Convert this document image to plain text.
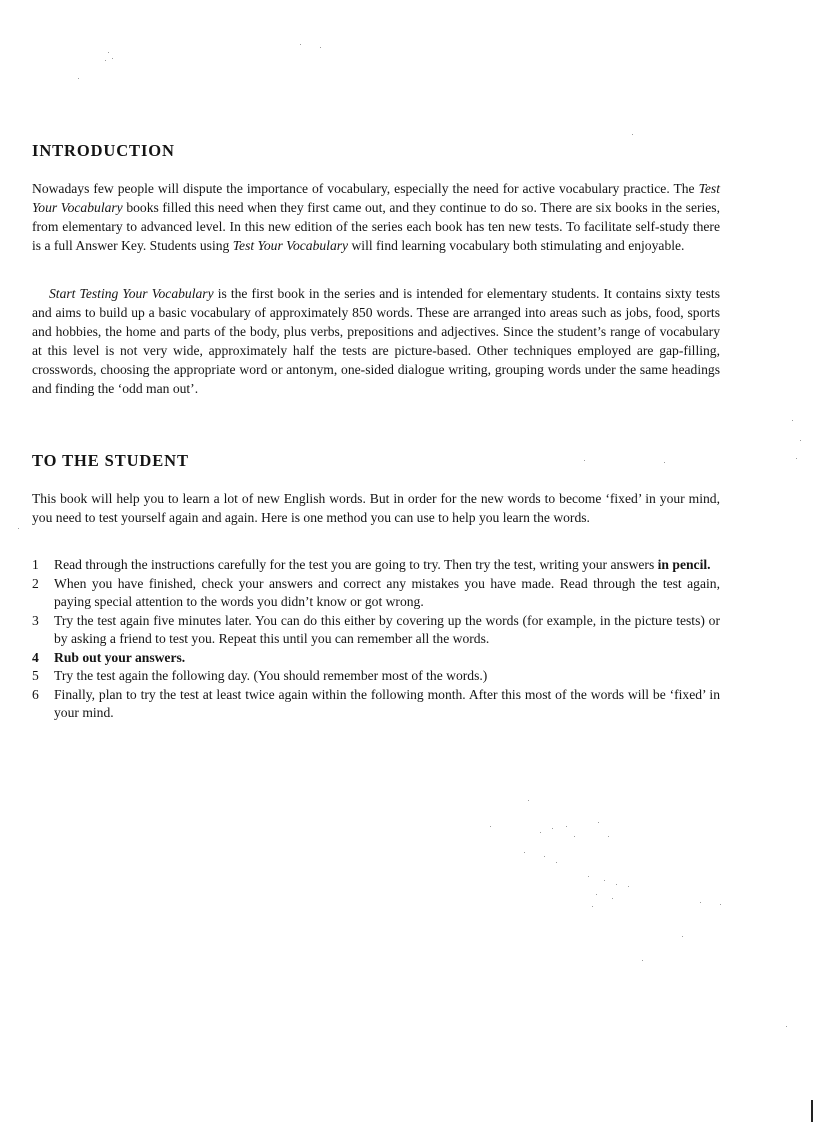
INTRODUCTION

Nowadays few people will dispute the importance of vocabulary, especially the need for active vocabulary practice. The Test Your Vocabulary books filled this need when they first came out, and they continue to do so. There are six books in the series, from elementary to advanced level. In this new edition of the series each book has ten new tests. To facilitate self-study there is a full Answer Key. Students using Test Your Vocabulary will find learning vocabulary both stimulating and enjoyable.

Start Testing Your Vocabulary is the first book in the series and is intended for elementary students. It contains sixty tests and aims to build up a basic vocabulary of approximately 850 words. These are arranged into areas such as jobs, food, sports and hobbies, the home and parts of the body, plus verbs, prepositions and adjectives. Since the student’s range of vocabulary at this level is not very wide, approximately half the tests are picture-based. Other techniques employed are gap-filling, crosswords, choosing the appropriate word or antonym, one-sided dialogue writing, grouping words under the same headings and finding the ‘odd man out’.

TO THE STUDENT

This book will help you to learn a lot of new English words. But in order for the new words to become ‘fixed’ in your mind, you need to test yourself again and again. Here is one method you can use to help you learn the words.

1 Read through the instructions carefully for the test you are going to try. Then try the test, writing your answers in pencil.
2 When you have finished, check your answers and correct any mistakes you have made. Read through the test again, paying special attention to the words you didn’t know or got wrong.
3 Try the test again five minutes later. You can do this either by covering up the words (for example, in the picture tests) or by asking a friend to test you. Repeat this until you can remember all the words.
4 Rub out your answers.
5 Try the test again the following day. (You should remember most of the words.)
6 Finally, plan to try the test at least twice again within the following month. After this most of the words will be ‘fixed’ in your mind.
